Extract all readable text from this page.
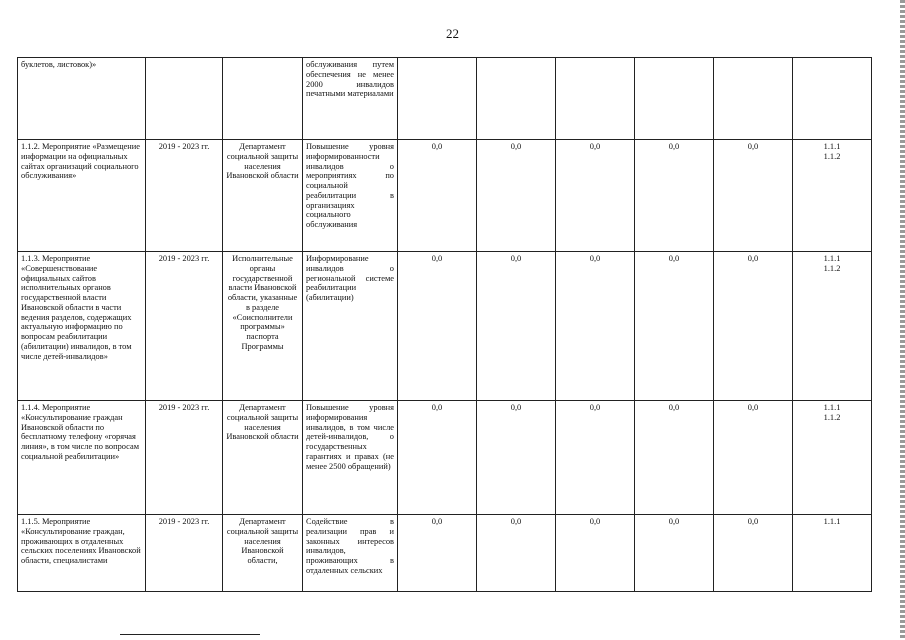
22
буклетов, листовок)»			обслуживания путем обеспечения не менее 2000 инвалидов печатными материалами						
1.1.2. Мероприятие «Размещение информации на официальных сайтах организаций социального обслуживания»	2019 - 2023 гг.	Департамент социальной защиты населения Ивановской области	Повышение уровня информированности инвалидов о мероприятиях по социальной реабилитации в организациях социального обслуживания	0,0	0,0	0,0	0,0	0,0	1.1.1
1.1.2

1.1.3. Мероприятие «Совершенствование официальных сайтов исполнительных органов государственной власти Ивановской области в части ведения разделов, содержащих актуальную информацию по вопросам реабилитации (абилитации) инвалидов, в том числе детей-инвалидов»	2019 - 2023 гг.	Исполнительные органы государственной власти Ивановской области, указанные в разделе «Соисполнители программы» паспорта Программы	Информирование инвалидов о региональной системе реабилитации (абилитации)	0,0	0,0	0,0	0,0	0,0	1.1.1
1.1.2

1.1.4. Мероприятие «Консультирование граждан Ивановской области по бесплатному телефону «горячая линия», в том числе по вопросам социальной реабилитации»	2019 - 2023 гг.	Департамент социальной защиты населения Ивановской области	Повышение уровня информирования инвалидов, в том числе детей-инвалидов, о государственных гарантиях и правах (не менее 2500 обращений)	0,0	0,0	0,0	0,0	0,0	1.1.1
1.1.2

1.1.5. Мероприятие «Консультирование граждан, проживающих в отдаленных сельских поселениях Ивановской области, специалистами	2019 - 2023 гг.	Департамент социальной защиты населения Ивановской области,	Содействие в реализации прав и законных интересов инвалидов, проживающих в отдаленных сельских	0,0	0,0	0,0	0,0	0,0	1.1.1
